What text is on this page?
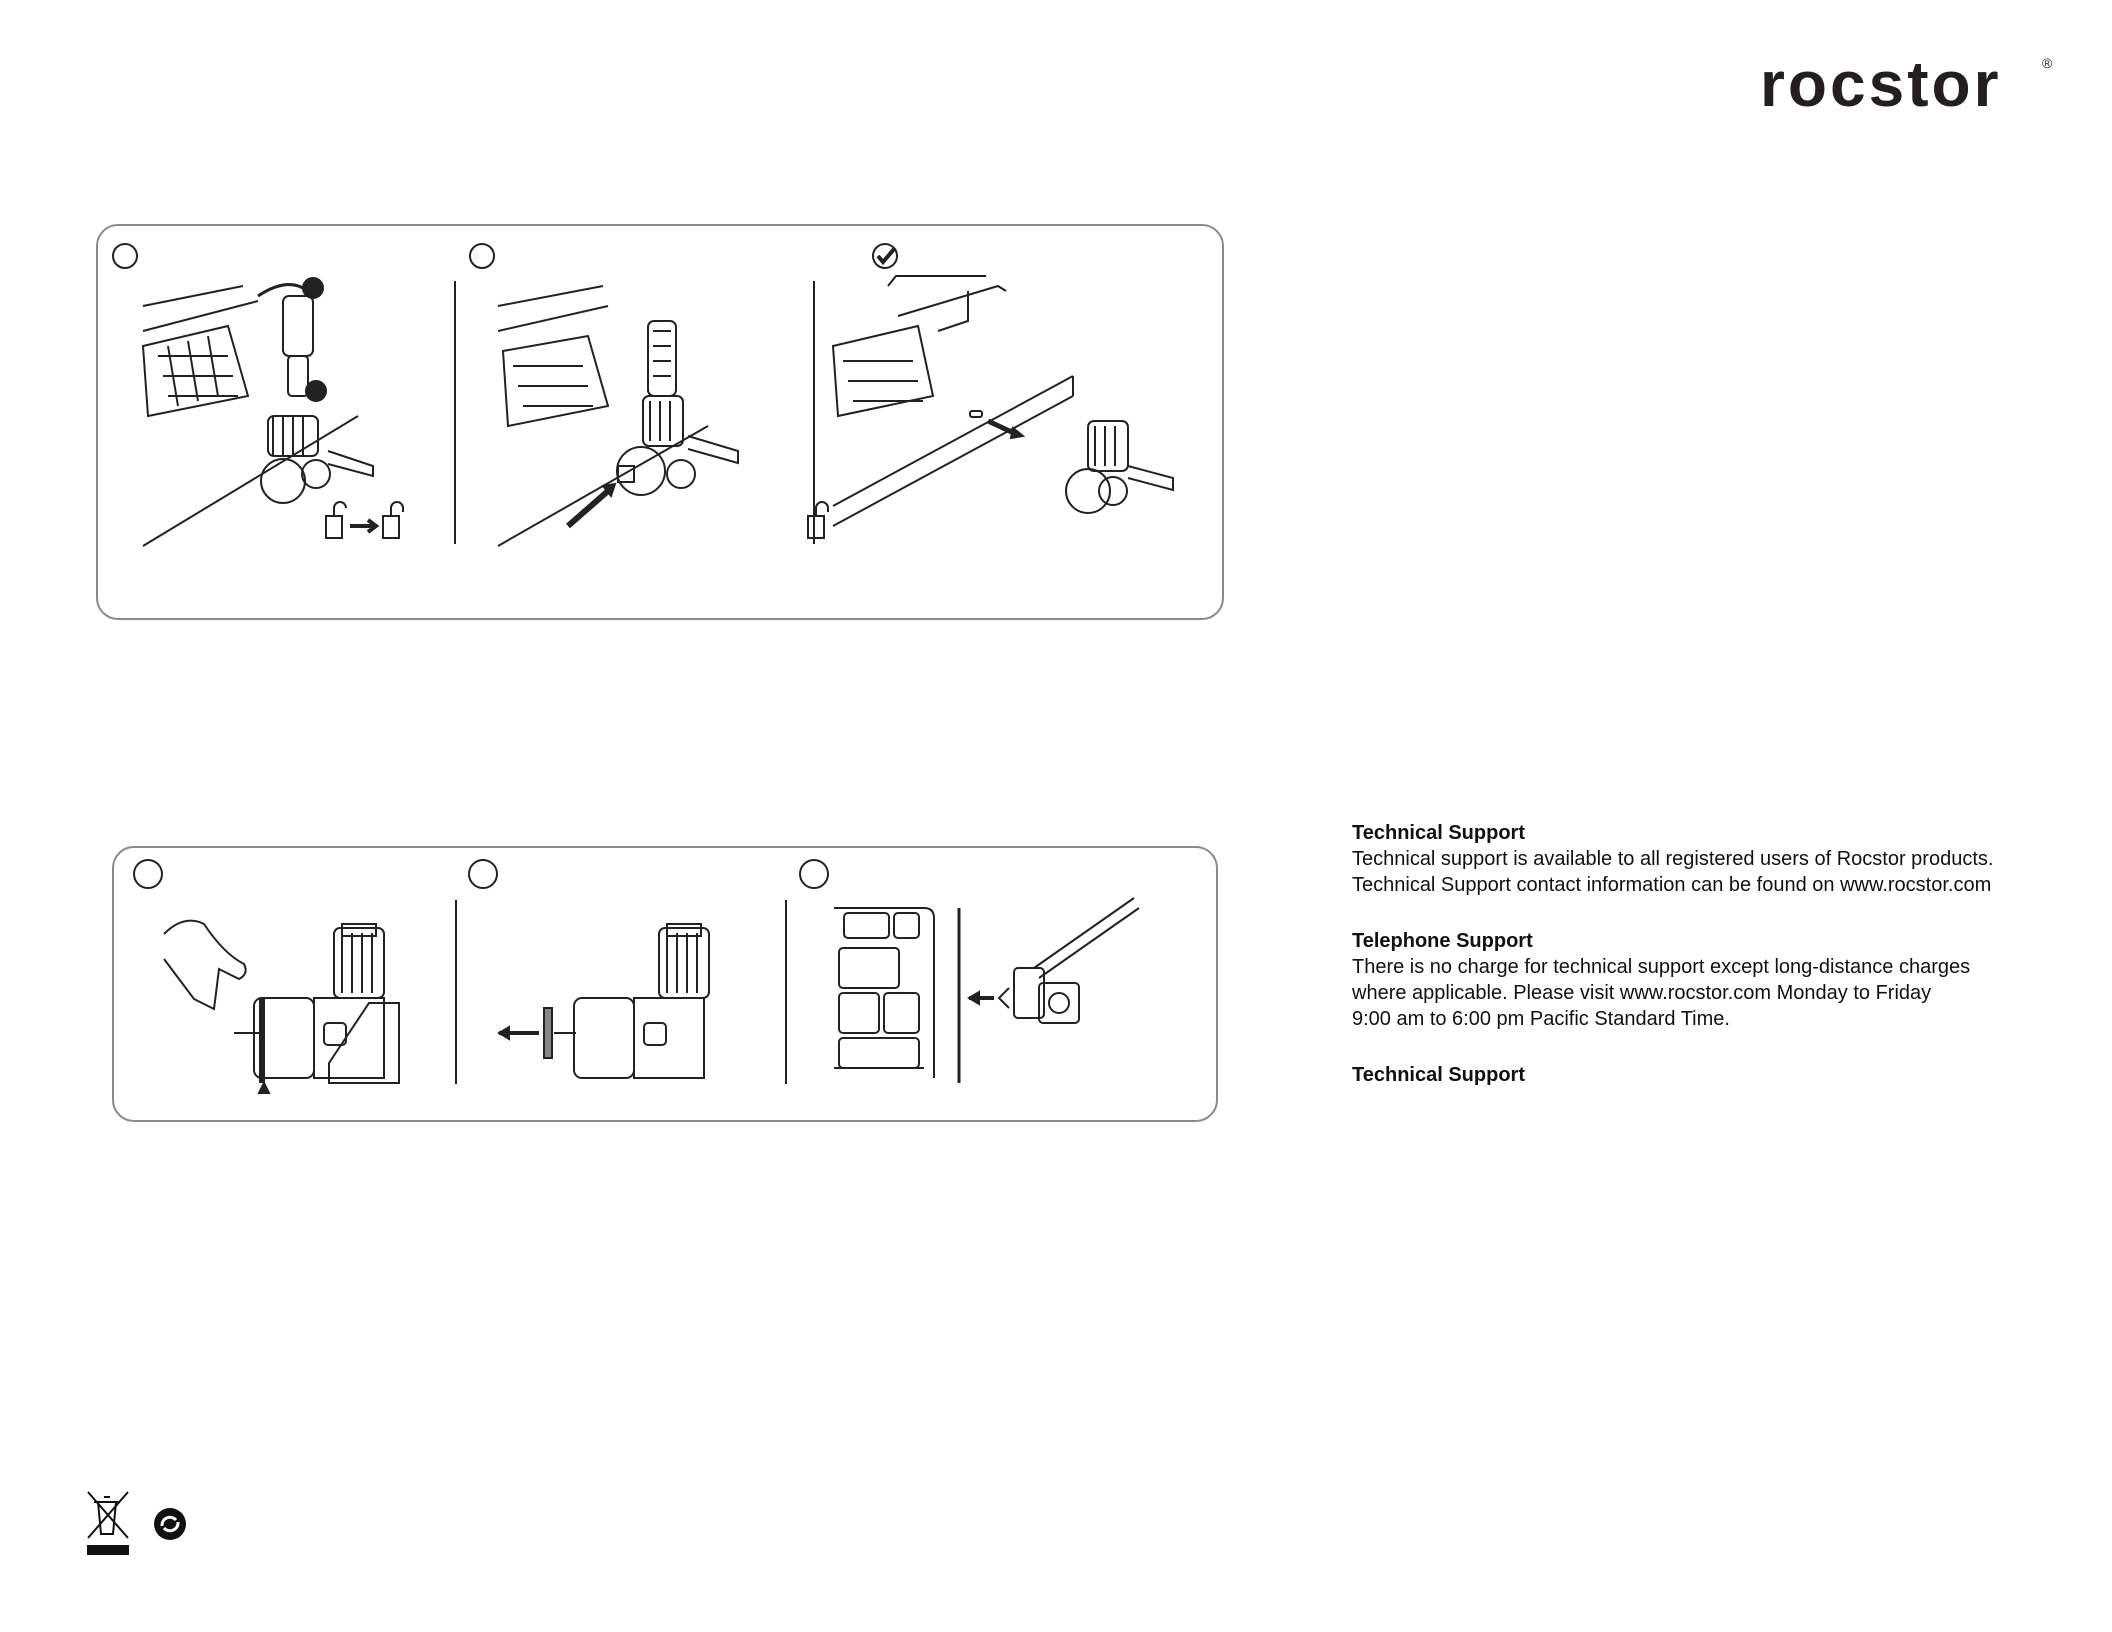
rocstor	®
Technical Support

Technical support is available to all registered users of Rocstor products.

Technical Support contact information can be found on www.rocstor.com

Telephone Support

There is no charge for technical support except long-distance charges

where applicable. Please visit www.rocstor.com Monday to Friday

9:00 am to 6:00 pm Pacific Standard Time.

Technical Support
